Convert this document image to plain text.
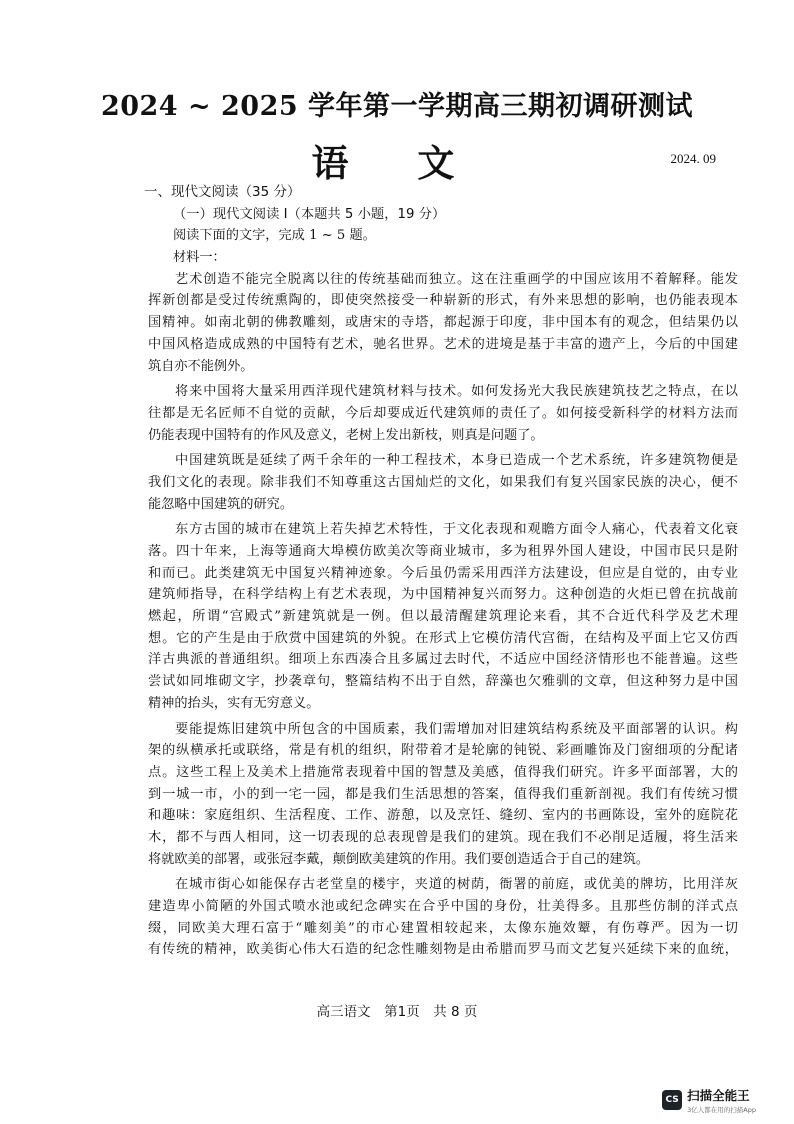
2024 ~ 2025 学年第一学期高三期初调研测试
语 文	2024. 09
一、现代文阅读（35 分）
（一）现代文阅读 I（本题共 5 小题，19 分）
阅读下面的文字，完成 1 ~ 5 题。
材料一：
艺术创造不能完全脱离以往的传统基础而独立。这在注重画学的中国应该用不着解释。能发
挥新创都是受过传统熏陶的，即使突然接受一种崭新的形式，有外来思想的影响，也仍能表现本
国精神。如南北朝的佛教雕刻，或唐宋的寺塔，都起源于印度，非中国本有的观念，但结果仍以
中国风格造成成熟的中国特有艺术，驰名世界。艺术的进境是基于丰富的遗产上，今后的中国建
筑自亦不能例外。
将来中国将大量采用西洋现代建筑材料与技术。如何发扬光大我民族建筑技艺之特点，在以
往都是无名匠师不自觉的贡献，今后却要成近代建筑师的责任了。如何接受新科学的材料方法而
仍能表现中国特有的作风及意义，老树上发出新枝，则真是问题了。
中国建筑既是延续了两千余年的一种工程技术，本身已造成一个艺术系统，许多建筑物便是
我们文化的表现。除非我们不知尊重这古国灿烂的文化，如果我们有复兴国家民族的决心，便不
能忽略中国建筑的研究。
东方古国的城市在建筑上若失掉艺术特性，于文化表现和观瞻方面令人痛心，代表着文化衰
落。四十年来，上海等通商大埠模仿欧美次等商业城市，多为租界外国人建设，中国市民只是附
和而已。此类建筑无中国复兴精神迹象。今后虽仍需采用西洋方法建设，但应是自觉的，由专业
建筑师指导，在科学结构上有艺术表现，为中国精神复兴而努力。这种创造的火炬已曾在抗战前
燃起，所谓“宫殿式”新建筑就是一例。但以最清醒建筑理论来看，其不合近代科学及艺术理
想。它的产生是由于欣赏中国建筑的外貌。在形式上它模仿清代宫衙，在结构及平面上它又仿西
洋古典派的普通组织。细项上东西凑合且多属过去时代，不适应中国经济情形也不能普遍。这些
尝试如同堆砌文字，抄袭章句，整篇结构不出于自然，辞藻也欠雅驯的文章，但这种努力是中国
精神的抬头，实有无穷意义。
要能提炼旧建筑中所包含的中国质素，我们需增加对旧建筑结构系统及平面部署的认识。构
架的纵横承托或联络，常是有机的组织，附带着才是轮廓的钝锐、彩画雕饰及门窗细项的分配诸
点。这些工程上及美术上措施常表现着中国的智慧及美感，值得我们研究。许多平面部署，大的
到一城一市，小的到一宅一园，都是我们生活思想的答案，值得我们重新剖视。我们有传统习惯
和趣味：家庭组织、生活程度、工作、游憩，以及烹饪、缝纫、室内的书画陈设，室外的庭院花
木，都不与西人相同，这一切表现的总表现曾是我们的建筑。现在我们不必削足适履，将生活来
将就欧美的部署，或张冠李戴，颠倒欧美建筑的作用。我们要创造适合于自己的建筑。
在城市街心如能保存古老堂皇的楼宇，夹道的树荫，衙署的前庭，或优美的牌坊，比用洋灰
建造卑小简陋的外国式喷水池或纪念碑实在合乎中国的身份，壮美得多。且那些仿制的洋式点
缀，同欧美大理石富于“雕刻美”的市心建置相较起来，太像东施效颦，有伤尊严。因为一切
有传统的精神，欧美街心伟大石造的纪念性雕刻物是由希腊而罗马而文艺复兴延续下来的血统，
高三语文　第1页　共 8 页
CS 扫描全能王
3亿人都在用的扫描App
